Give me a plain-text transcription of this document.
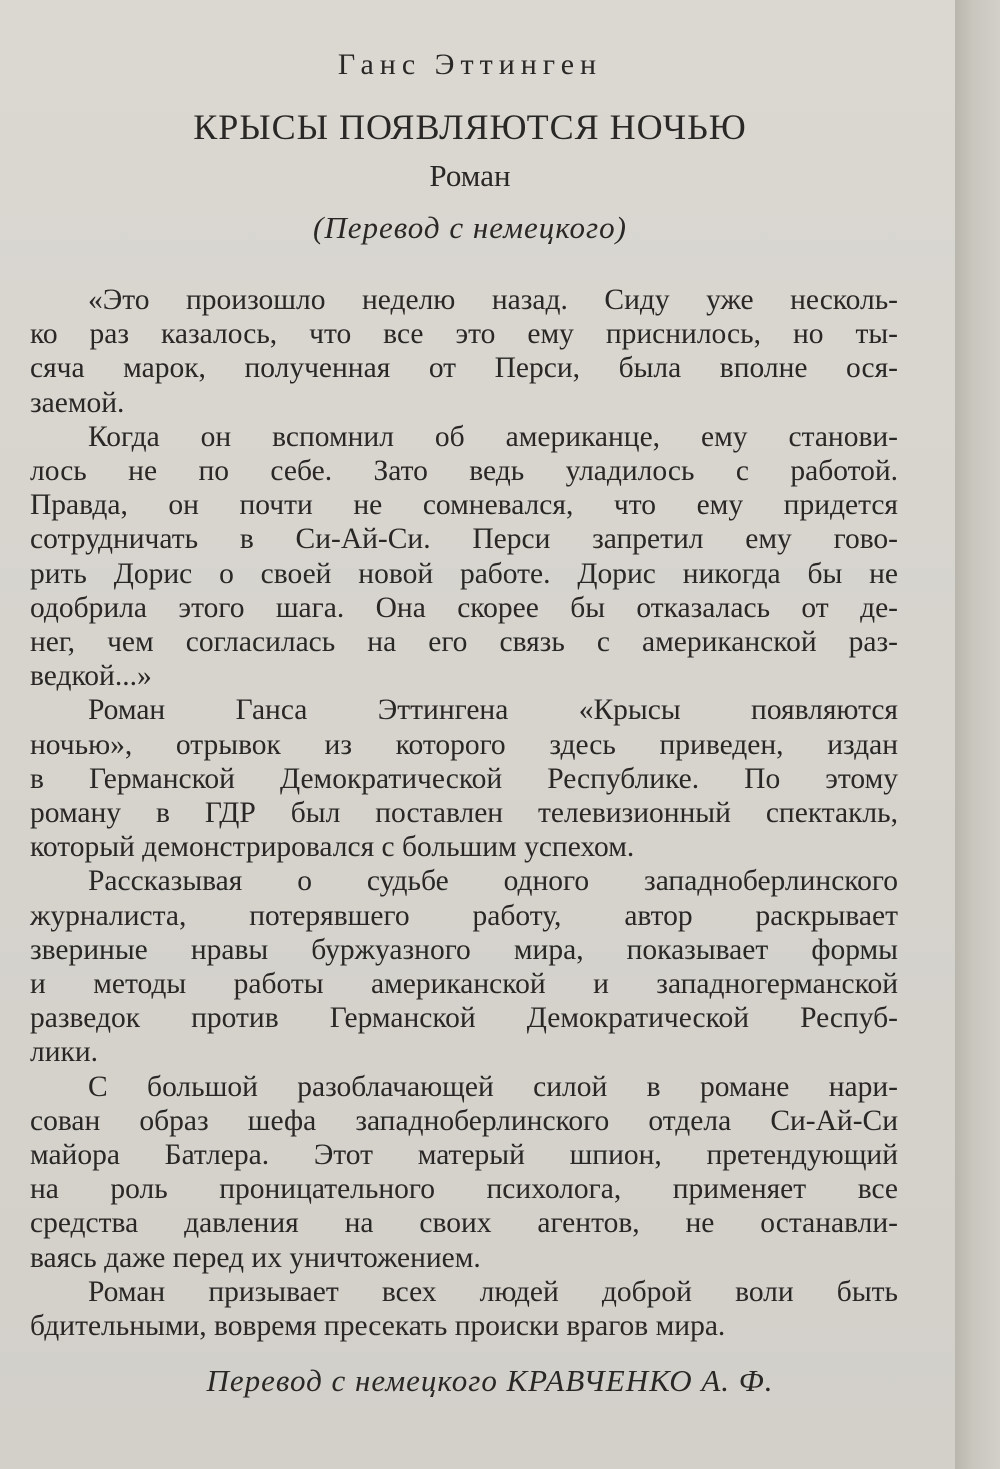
Ганс Эттинген
КРЫСЫ ПОЯВЛЯЮТСЯ НОЧЬЮ
Роман
(Перевод с немецкого)
«Это произошло неделю назад. Сиду уже несколь-
ко раз казалось, что все это ему приснилось, но ты-
сяча марок, полученная от Перси, была вполне ося-
заемой.
Когда он вспомнил об американце, ему станови-
лось не по себе. Зато ведь уладилось с работой.
Правда, он почти не сомневался, что ему придется
сотрудничать в Си-Ай-Си. Перси запретил ему гово-
рить Дорис о своей новой работе. Дорис никогда бы не
одобрила этого шага. Она скорее бы отказалась от де-
нег, чем согласилась на его связь с американской раз-
ведкой...»
Роман Ганса Эттингена «Крысы появляются
ночью», отрывок из которого здесь приведен, издан
в Германской Демократической Республике. По этому
роману в ГДР был поставлен телевизионный спектакль,
который демонстрировался с большим успехом.
Рассказывая о судьбе одного западноберлинского
журналиста, потерявшего работу, автор раскрывает
звериные нравы буржуазного мира, показывает формы
и методы работы американской и западногерманской
разведок против Германской Демократической Респуб-
лики.
С большой разоблачающей силой в романе нари-
сован образ шефа западноберлинского отдела Си-Ай-Си
майора Батлера. Этот матерый шпион, претендующий
на роль проницательного психолога, применяет все
средства давления на своих агентов, не останавли-
ваясь даже перед их уничтожением.
Роман призывает всех людей доброй воли быть
бдительными, вовремя пресекать происки врагов мира.
Перевод с немецкого КРАВЧЕНКО А. Ф.
